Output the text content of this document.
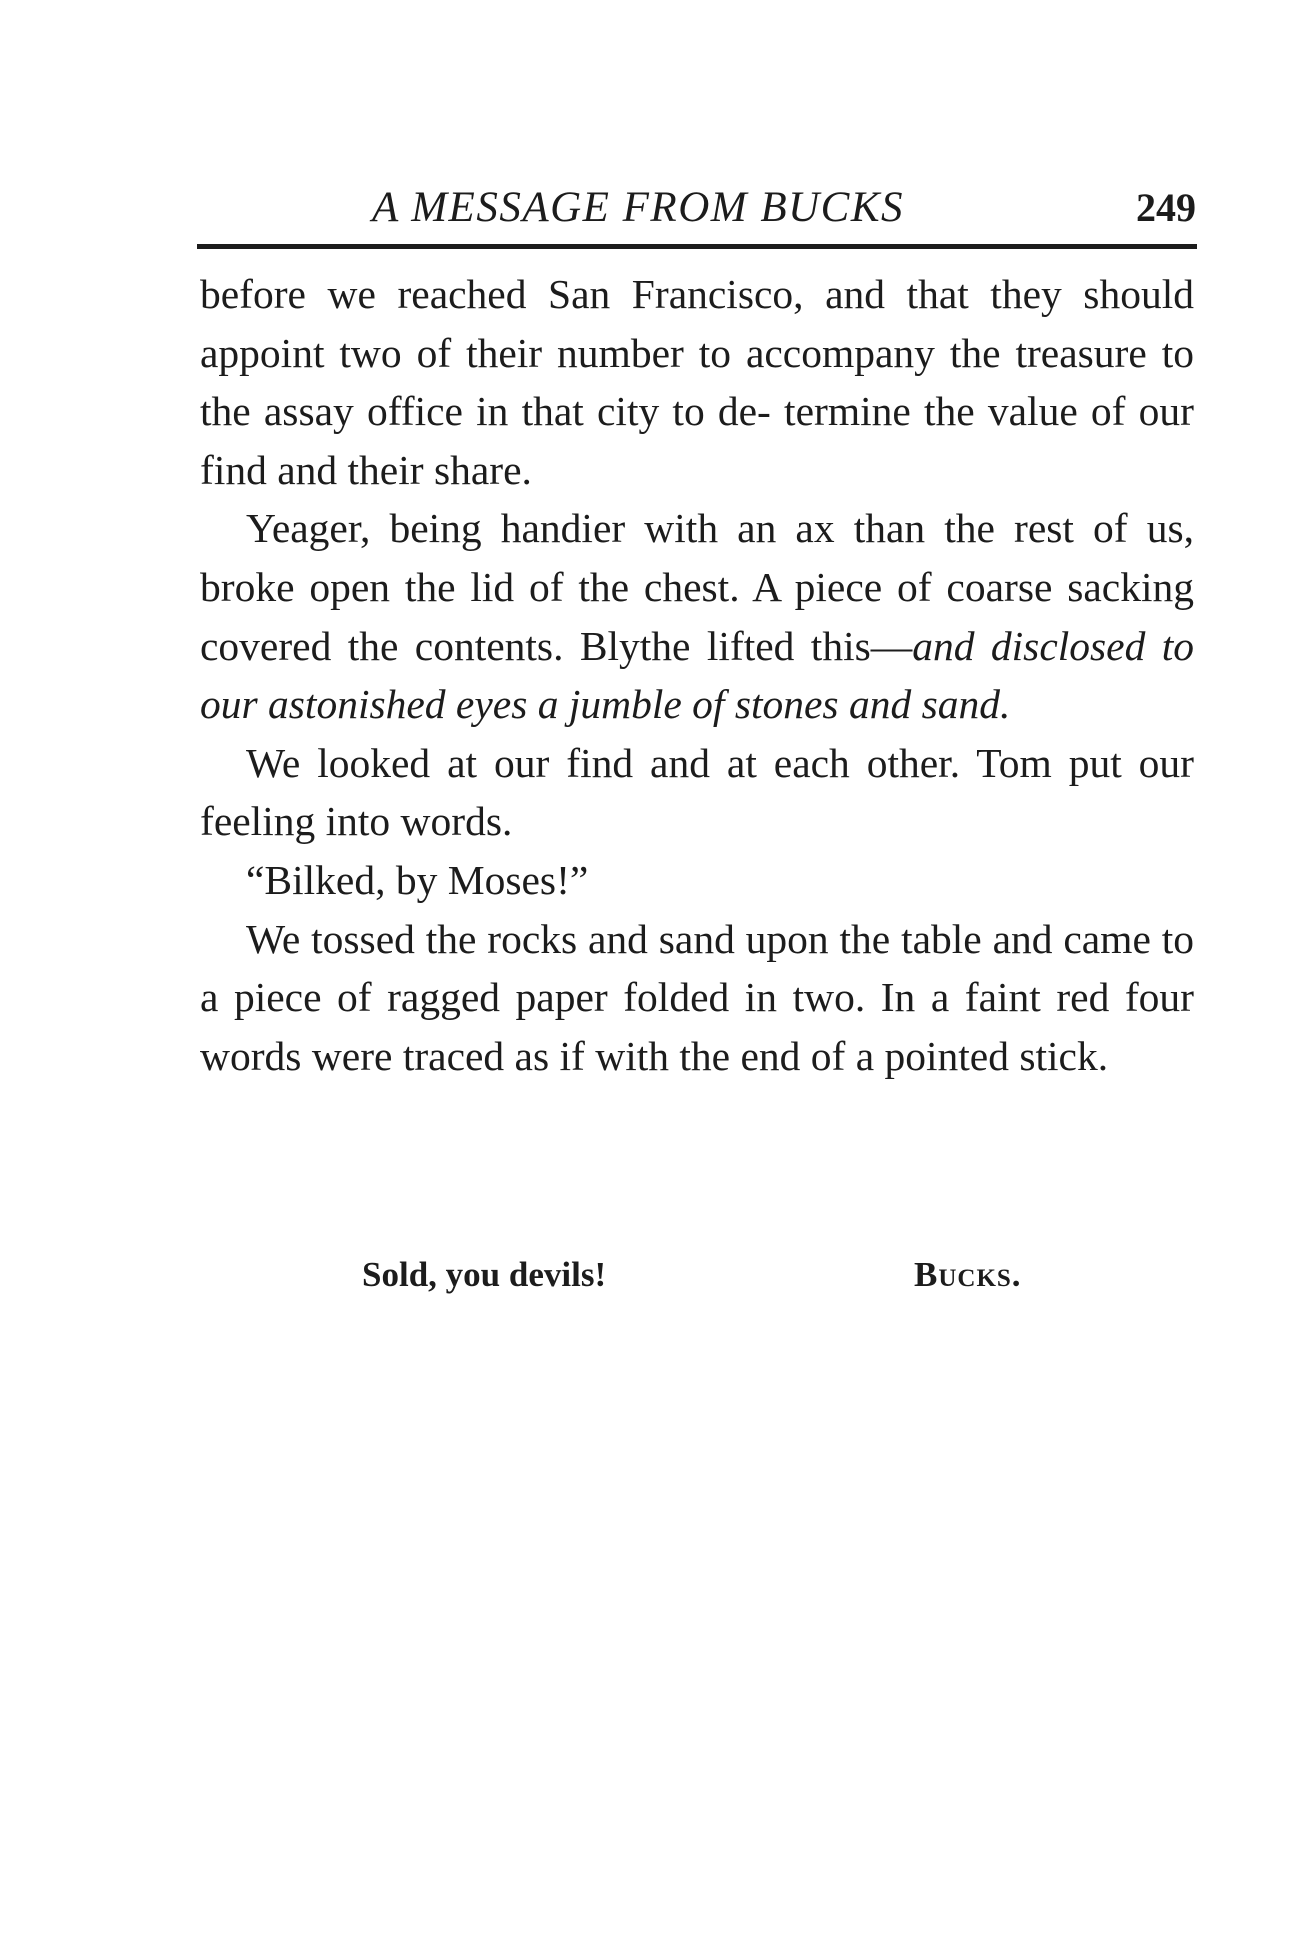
A MESSAGE FROM BUCKS	249

before we reached San Francisco, and that they should appoint two of their number to accompany the treasure to the assay office in that city to de- termine the value of our find and their share.

Yeager, being handier with an ax than the rest of us, broke open the lid of the chest. A piece of coarse sacking covered the contents. Blythe lifted this—and disclosed to our astonished eyes a jumble of stones and sand.

We looked at our find and at each other. Tom put our feeling into words.

“Bilked, by Moses!”

We tossed the rocks and sand upon the table and came to a piece of ragged paper folded in two. In a faint red four words were traced as if with the end of a pointed stick.

Sold, you devils!	Bucks.
